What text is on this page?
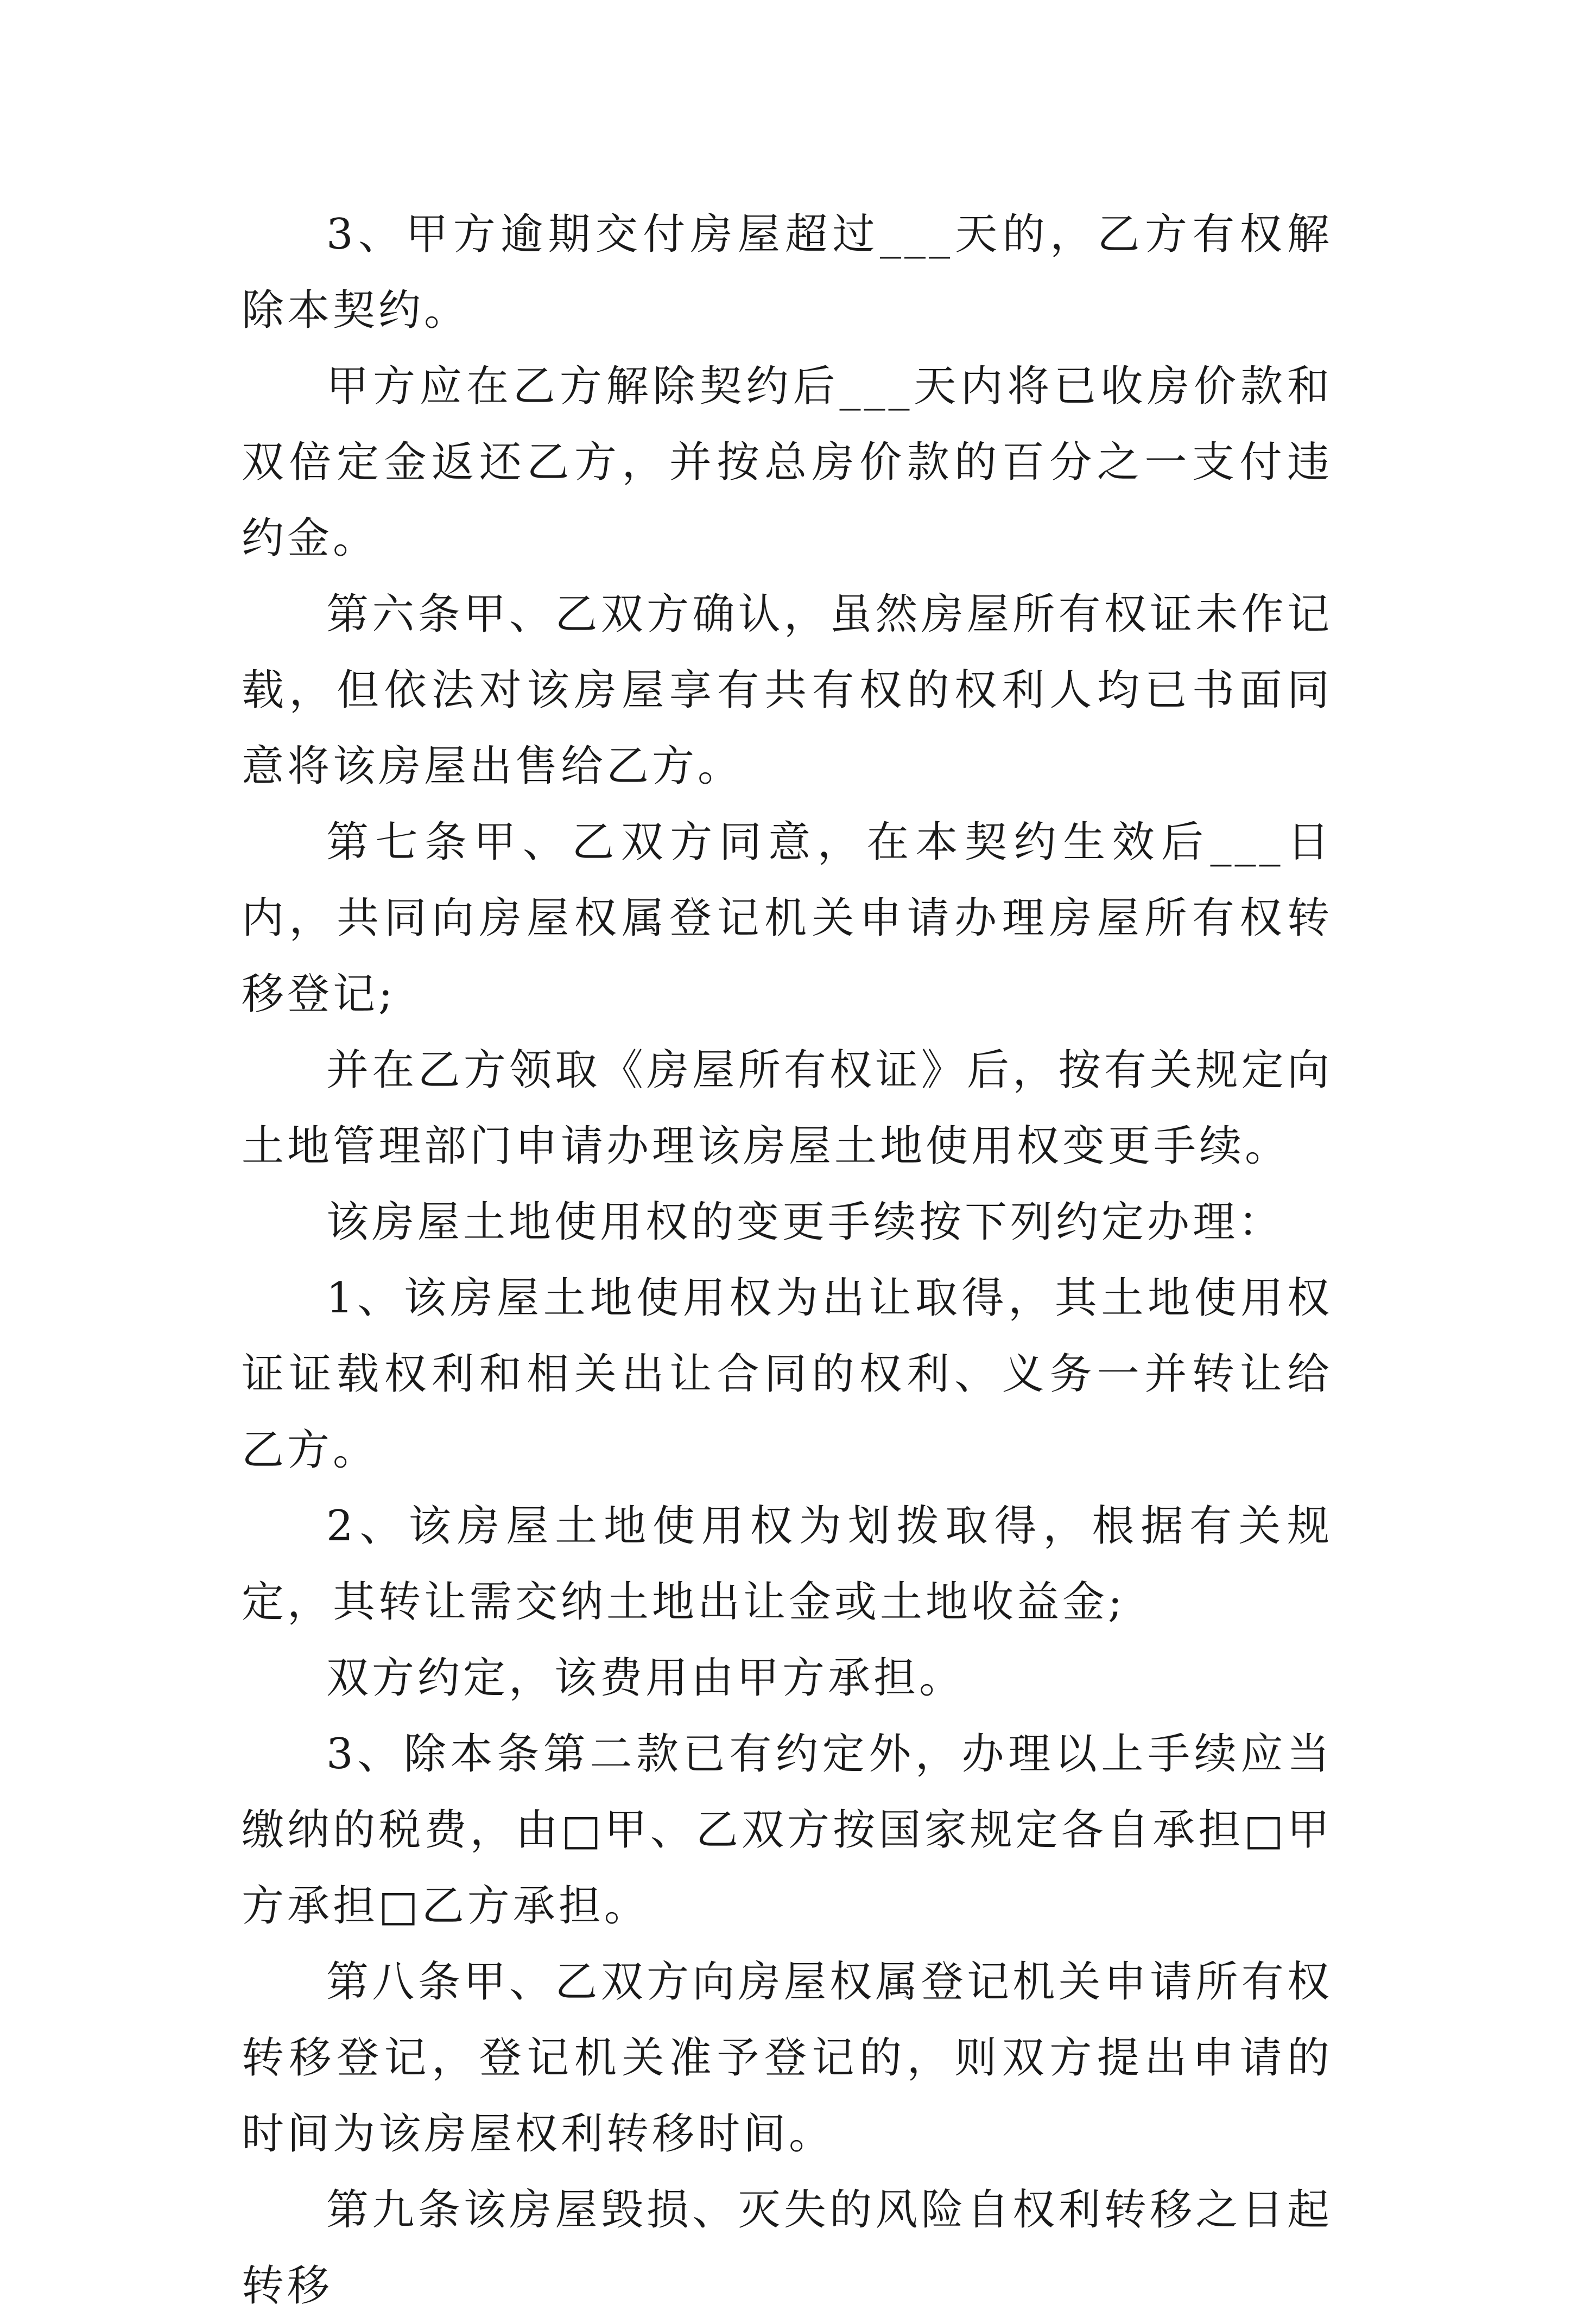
3、甲方逾期交付房屋超过___天的，乙方有权解除本契约。

甲方应在乙方解除契约后___天内将已收房价款和双倍定金返还乙方，并按总房价款的百分之一支付违约金。

第六条甲、乙双方确认，虽然房屋所有权证未作记载，但依法对该房屋享有共有权的权利人均已书面同意将该房屋出售给乙方。

第七条甲、乙双方同意，在本契约生效后___日内，共同向房屋权属登记机关申请办理房屋所有权转移登记;

并在乙方领取《房屋所有权证》后，按有关规定向土地管理部门申请办理该房屋土地使用权变更手续。

该房屋土地使用权的变更手续按下列约定办理：

1、该房屋土地使用权为出让取得，其土地使用权证证载权利和相关出让合同的权利、义务一并转让给乙方。

2、该房屋土地使用权为划拨取得，根据有关规定，其转让需交纳土地出让金或土地收益金;

双方约定，该费用由甲方承担。

3、除本条第二款已有约定外，办理以上手续应当缴纳的税费，由□甲、乙双方按国家规定各自承担□甲方承担□乙方承担。

第八条甲、乙双方向房屋权属登记机关申请所有权转移登记，登记机关准予登记的，则双方提出申请的时间为该房屋权利转移时间。

第九条该房屋毁损、灭失的风险自权利转移之日起转移
